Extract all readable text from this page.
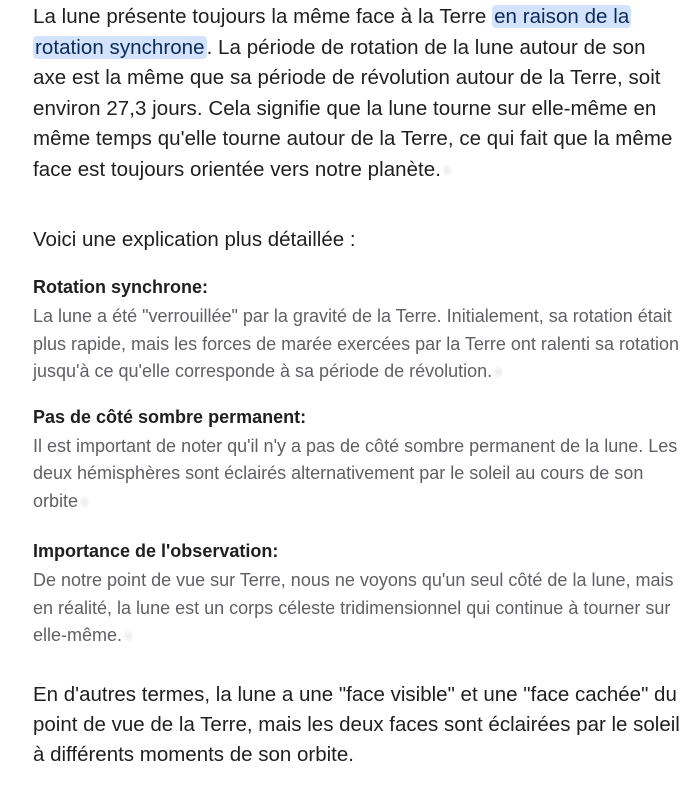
La lune présente toujours la même face à la Terre en raison de la rotation synchrone. La période de rotation de la lune autour de son axe est la même que sa période de révolution autour de la Terre, soit environ 27,3 jours. Cela signifie que la lune tourne sur elle-même en même temps qu'elle tourne autour de la Terre, ce qui fait que la même face est toujours orientée vers notre planète.

Voici une explication plus détaillée :
Rotation synchrone:

La lune a été "verrouillée" par la gravité de la Terre. Initialement, sa rotation était plus rapide, mais les forces de marée exercées par la Terre ont ralenti sa rotation jusqu'à ce qu'elle corresponde à sa période de révolution.

Pas de côté sombre permanent:

Il est important de noter qu'il n'y a pas de côté sombre permanent de la lune. Les deux hémisphères sont éclairés alternativement par le soleil au cours de son orbite

Importance de l'observation:

De notre point de vue sur Terre, nous ne voyons qu'un seul côté de la lune, mais en réalité, la lune est un corps céleste tridimensionnel qui continue à tourner sur elle-même.

En d'autres termes, la lune a une "face visible" et une "face cachée" du point de vue de la Terre, mais les deux faces sont éclairées par le soleil à différents moments de son orbite.
